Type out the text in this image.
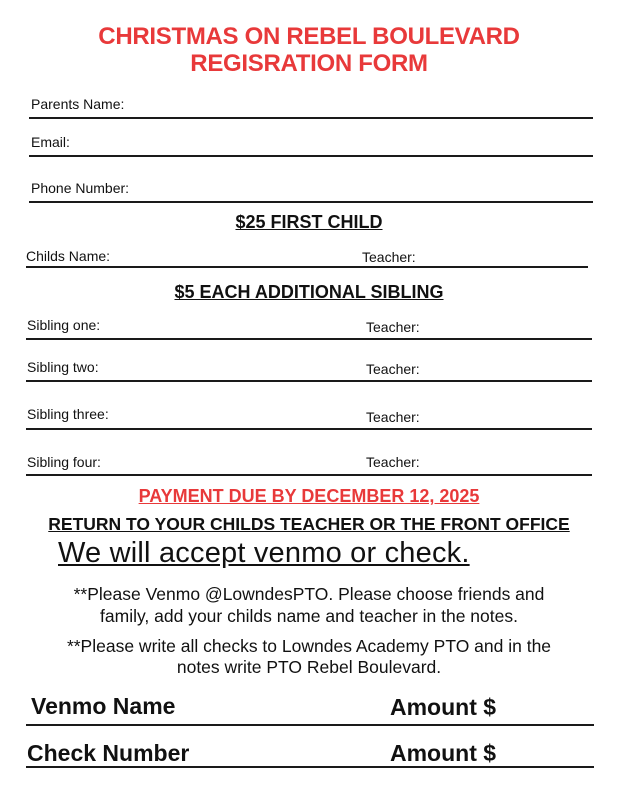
CHRISTMAS ON REBEL BOULEVARD
REGISRATION FORM
Parents Name:
Email:
Phone Number:
$25 FIRST CHILD
Childs Name:	Teacher:
$5 EACH ADDITIONAL SIBLING
Sibling one:	Teacher:
Sibling two:	Teacher:
Sibling three:	Teacher:
Sibling four:	Teacher:
PAYMENT DUE BY DECEMBER 12, 2025
RETURN TO YOUR CHILDS TEACHER OR THE FRONT OFFICE
We will accept venmo or check.
**Please Venmo @LowndesPTO. Please choose friends and
family, add your childs name and teacher in the notes.
**Please write all checks to Lowndes Academy PTO and in the
notes write PTO Rebel Boulevard.
Venmo Name	Amount $
Check Number	Amount $
